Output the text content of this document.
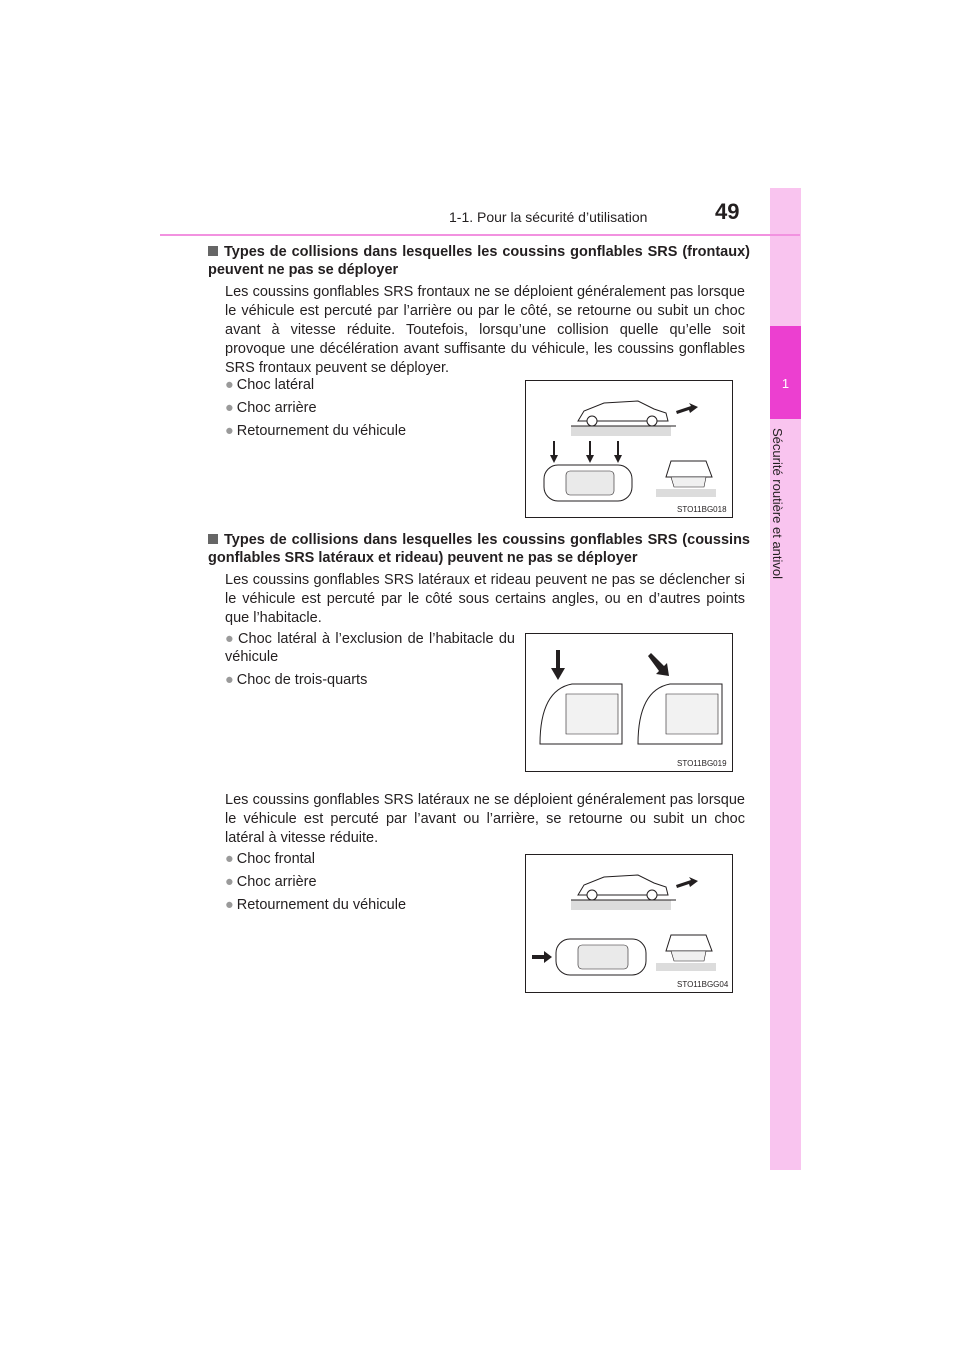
1
Sécurité routière et antivol
1-1. Pour la sécurité d’utilisation	49
Types de collisions dans lesquelles les coussins gonflables SRS (frontaux) peuvent ne pas se déployer
Les coussins gonflables SRS frontaux ne se déploient généralement pas lorsque le véhicule est percuté par l’arrière ou par le côté, se retourne ou subit un choc avant à vitesse réduite. Toutefois, lorsqu’une collision quelle qu’elle soit provoque une décélération avant suffisante du véhicule, les coussins gonflables SRS frontaux peuvent se déployer.
● Choc latéral
● Choc arrière
● Retournement du véhicule
STO11BG018
Types de collisions dans lesquelles les coussins gonflables SRS (coussins gonflables SRS latéraux et rideau) peuvent ne pas se déployer
Les coussins gonflables SRS latéraux et rideau peuvent ne pas se déclencher si le véhicule est percuté par le côté sous certains angles, ou en d’autres points que l’habitacle.
● Choc latéral à l’exclusion de l’habitacle du véhicule
● Choc de trois-quarts
STO11BG019
Les coussins gonflables SRS latéraux ne se déploient généralement pas lorsque le véhicule est percuté par l’avant ou l’arrière, se retourne ou subit un choc latéral à vitesse réduite.
● Choc frontal
● Choc arrière
● Retournement du véhicule
STO11BGG04
